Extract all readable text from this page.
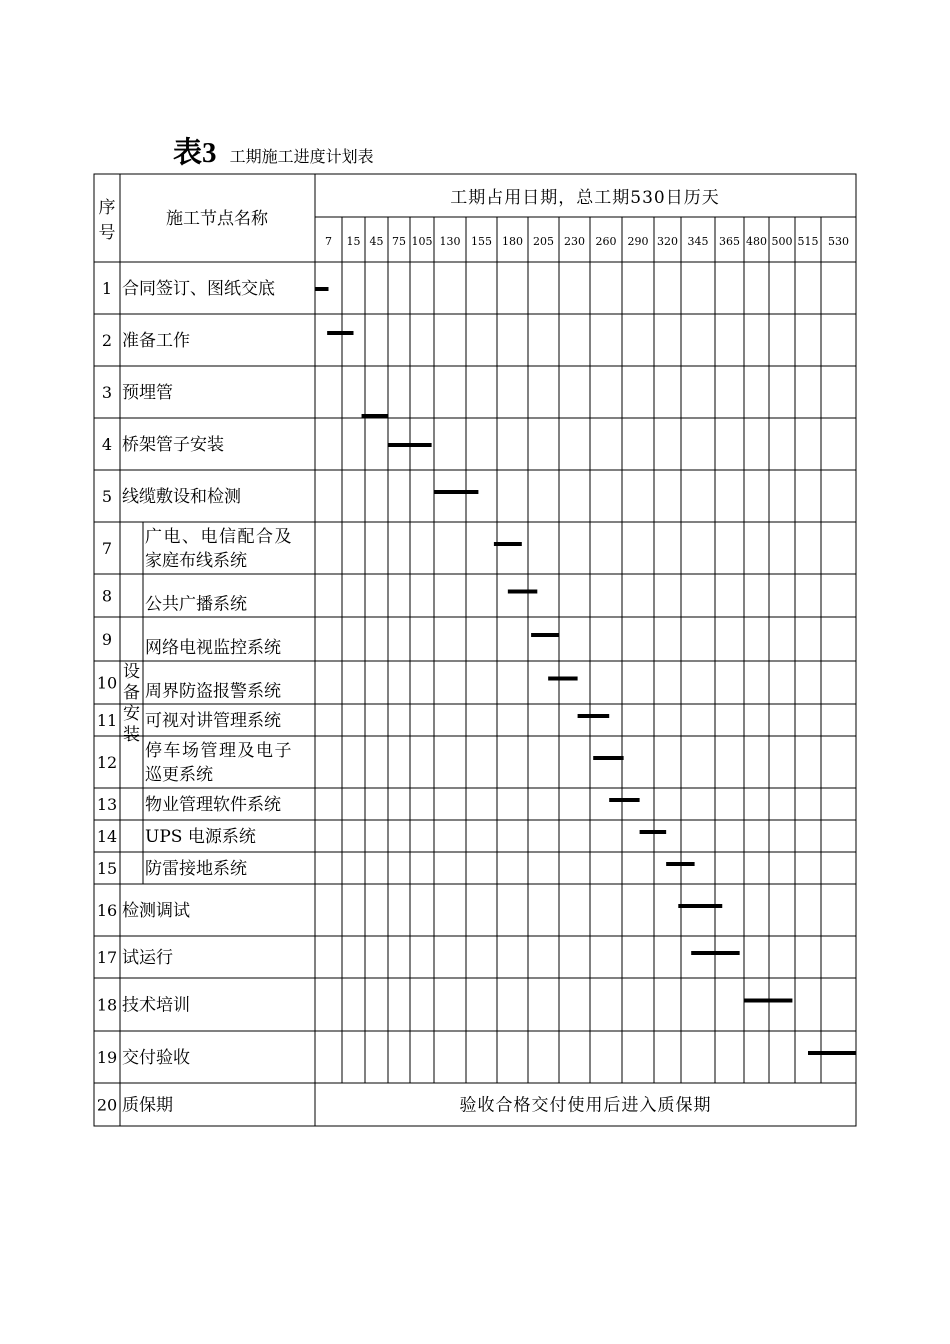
表3 工期施工进度计划表
序
号
施工节点名称
工期占用日期，总工期530日历天
7 15 45 75 105 130 155 180 205 230 260 290 320 345 365 480 500 515 530
设
备
安
装
1 合同签订、图纸交底
2 准备工作
3 预埋管
4 桥架管子安装
5 线缆敷设和检测
7
广电、电信配合及
家庭布线系统
8 公共广播系统
9 网络电视监控系统
10 周界防盗报警系统
11 可视对讲管理系统
12
停车场管理及电子
巡更系统
13 物业管理软件系统
14 UPS 电源系统
15 防雷接地系统
16 检测调试
17 试运行
18 技术培训
19 交付验收
20 质保期	验收合格交付使用后进入质保期
